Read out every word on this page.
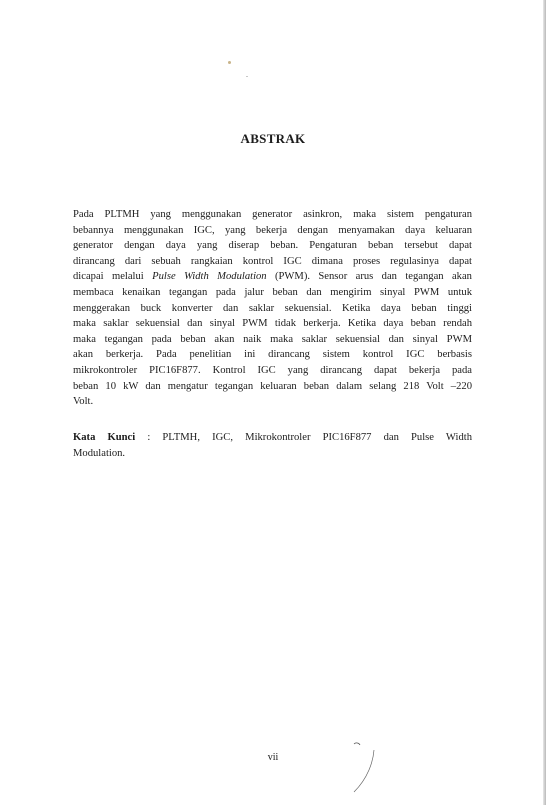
ABSTRAK
Pada PLTMH yang menggunakan generator asinkron, maka sistem pengaturan
bebannya menggunakan IGC, yang bekerja dengan menyamakan daya keluaran
generator dengan daya yang diserap beban. Pengaturan beban tersebut dapat
dirancang dari sebuah rangkaian kontrol IGC dimana proses regulasinya dapat
dicapai melalui Pulse Width Modulation (PWM). Sensor arus dan tegangan akan
membaca kenaikan tegangan pada jalur beban dan mengirim sinyal PWM untuk
menggerakan buck konverter dan saklar sekuensial. Ketika daya beban tinggi
maka saklar sekuensial dan sinyal PWM tidak berkerja. Ketika daya beban rendah
maka tegangan pada beban akan naik maka saklar sekuensial dan sinyal PWM
akan berkerja. Pada penelitian ini dirancang sistem kontrol IGC berbasis
mikrokontroler PIC16F877. Kontrol IGC yang dirancang dapat bekerja pada
beban 10 kW dan mengatur tegangan keluaran beban dalam selang 218 Volt –220
Volt.
Kata Kunci : PLTMH, IGC, Mikrokontroler PIC16F877 dan Pulse Width
Modulation.
vii
